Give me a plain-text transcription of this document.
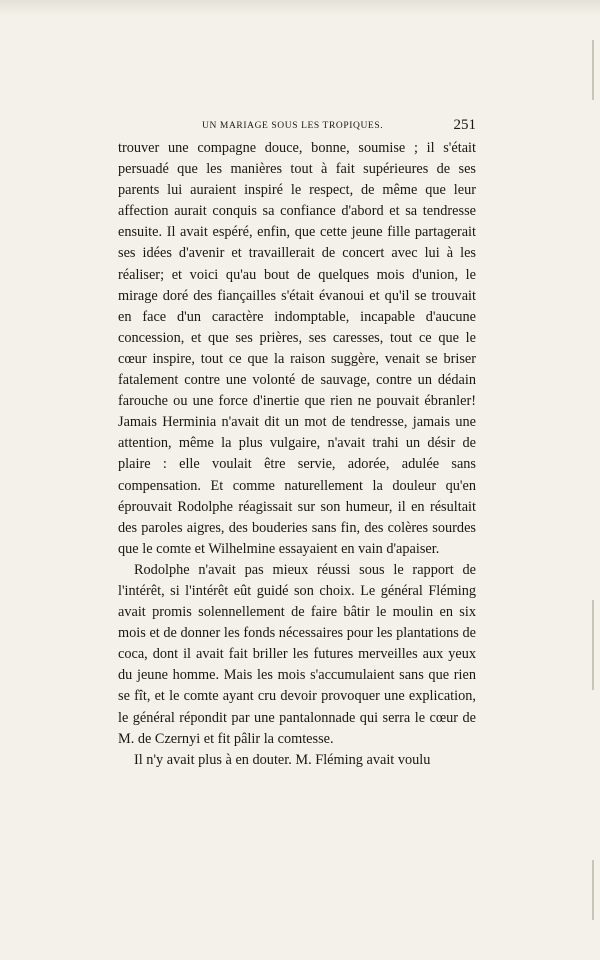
UN MARIAGE SOUS LES TROPIQUES.	251

trouver une compagne douce, bonne, soumise ; il s'était persuadé que les manières tout à fait supérieures de ses parents lui auraient inspiré le respect, de même que leur affection aurait conquis sa confiance d'abord et sa tendresse ensuite. Il avait espéré, enfin, que cette jeune fille partagerait ses idées d'avenir et travaillerait de concert avec lui à les réaliser; et voici qu'au bout de quelques mois d'union, le mirage doré des fiançailles s'était évanoui et qu'il se trouvait en face d'un caractère indomptable, incapable d'aucune concession, et que ses prières, ses caresses, tout ce que le cœur inspire, tout ce que la raison suggère, venait se briser fatalement contre une volonté de sauvage, contre un dédain farouche ou une force d'inertie que rien ne pouvait ébranler! Jamais Herminia n'avait dit un mot de tendresse, jamais une attention, même la plus vulgaire, n'avait trahi un désir de plaire : elle voulait être servie, adorée, adulée sans compensation. Et comme naturellement la douleur qu'en éprouvait Rodolphe réagissait sur son humeur, il en résultait des paroles aigres, des bouderies sans fin, des colères sourdes que le comte et Wilhelmine essayaient en vain d'apaiser.

Rodolphe n'avait pas mieux réussi sous le rapport de l'intérêt, si l'intérêt eût guidé son choix. Le général Fléming avait promis solennellement de faire bâtir le moulin en six mois et de donner les fonds nécessaires pour les plantations de coca, dont il avait fait briller les futures merveilles aux yeux du jeune homme. Mais les mois s'accumulaient sans que rien se fît, et le comte ayant cru devoir provoquer une explication, le général répondit par une pantalonnade qui serra le cœur de M. de Czernyi et fit pâlir la comtesse.

Il n'y avait plus à en douter. M. Fléming avait voulu
